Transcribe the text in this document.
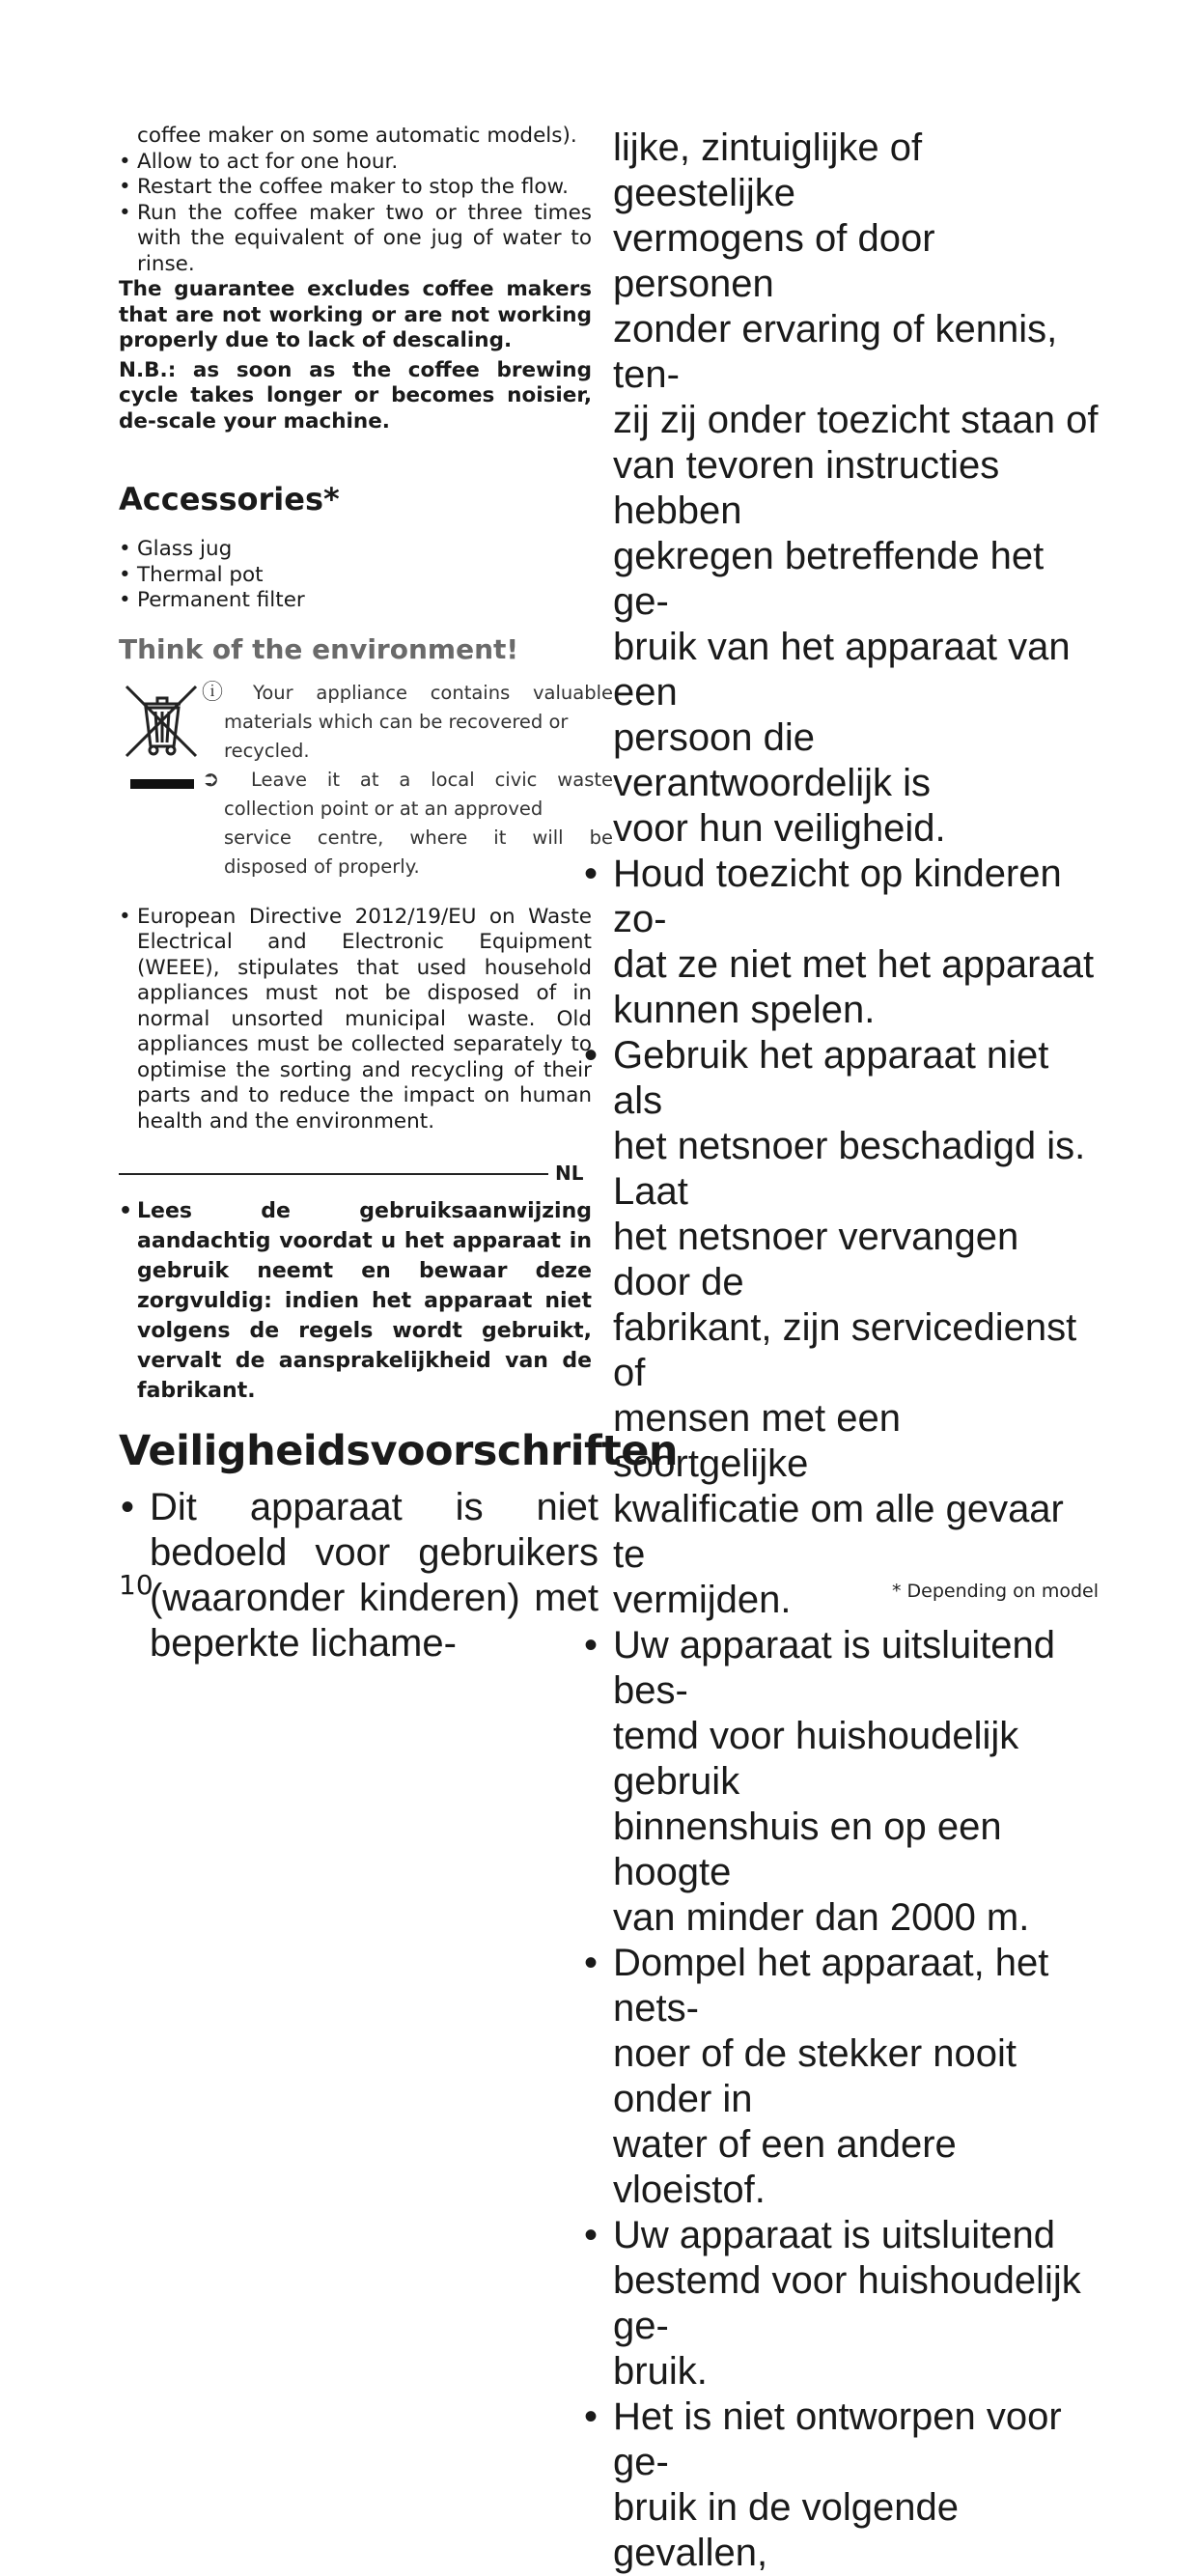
coffee maker on some automatic models).
• Allow to act for one hour.
• Restart the coffee maker to stop the flow.
• Run the coffee maker two or three times with the equivalent of one jug of water to rinse.
The guarantee excludes coffee makers that are not working or are not working properly due to lack of descaling.
N.B.: as soon as the coffee brewing cycle takes longer or becomes noisier, de-scale your machine.
Accessories*
• Glass jug
• Thermal pot
• Permanent filter
Think of the environment!
ⓘ	Your appliance contains valuable
materials which can be recovered or
recycled.
➲	Leave it at a local civic waste
collection point or at an approved
service centre, where it will be
disposed of properly.
• European Directive 2012/19/EU on Waste Electrical and Electronic Equipment (WEEE), stipulates that used household appliances must not be disposed of in normal unsorted municipal waste. Old appliances must be collected separately to optimise the sorting and recycling of their parts and to reduce the impact on human health and the environment.
NL
• Lees de gebruiksaanwijzing aandachtig voordat u het apparaat in gebruik neemt en bewaar deze zorgvuldig: indien het apparaat niet volgens de regels wordt gebruikt, vervalt de aansprakelijkheid van de fabrikant.
Veiligheidsvoorschriften
• Dit apparaat is niet bedoeld voor gebruikers (waaronder kinderen) met beperkte lichame-
lijke, zintuiglijke of geestelijke
vermogens of door personen
zonder ervaring of kennis, ten-
zij zij onder toezicht staan of
van tevoren instructies hebben
gekregen betreffende het ge-
bruik van het apparaat van een
persoon die verantwoordelijk is
voor hun veiligheid.
• Houd toezicht op kinderen zo-
dat ze niet met het apparaat
kunnen spelen.
• Gebruik het apparaat niet als
het netsnoer beschadigd is. Laat
het netsnoer vervangen door de
fabrikant, zijn servicedienst of
mensen met een soortgelijke
kwalificatie om alle gevaar te
vermijden.
• Uw apparaat is uitsluitend bes-
temd voor huishoudelijk gebruik
binnenshuis en op een hoogte
van minder dan 2000 m.
• Dompel het apparaat, het nets-
noer of de stekker nooit onder in
water of een andere vloeistof.
• Uw apparaat is uitsluitend
bestemd voor huishoudelijk ge-
bruik.
• Het is niet ontworpen voor ge-
bruik in de volgende gevallen,
10	* Depending on model
